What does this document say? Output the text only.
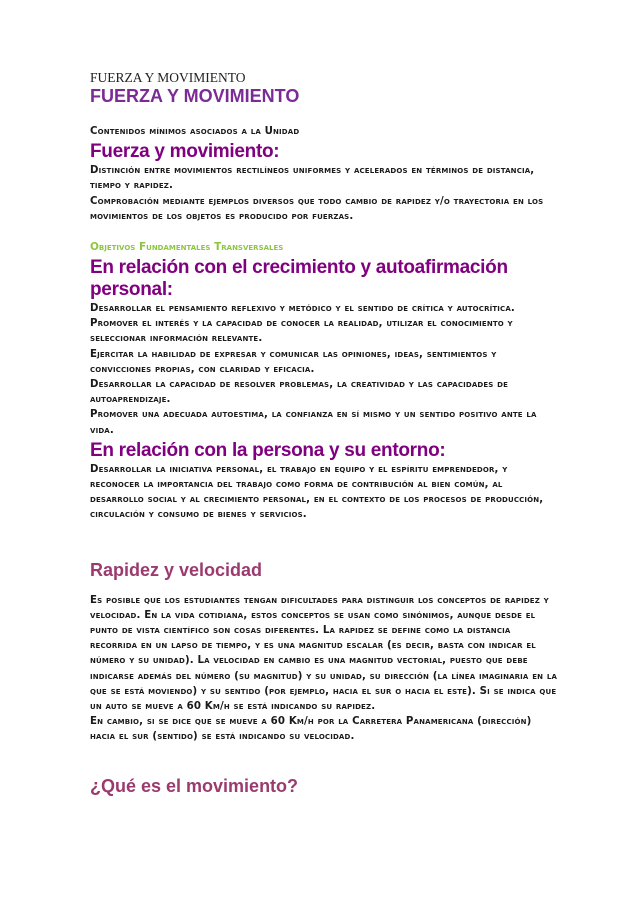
FUERZA Y MOVIMIENTO

FUERZA Y MOVIMIENTO

Contenidos mínimos asociados a la Unidad

Fuerza y movimiento:

Distinción entre movimientos rectilíneos uniformes y acelerados en términos de distancia, tiempo y rapidez.

Comprobación mediante ejemplos diversos que todo cambio de rapidez y/o trayectoria en los movimientos de los objetos es producido por fuerzas.

Objetivos Fundamentales Transversales

En relación con el crecimiento y autoafirmación personal:

Desarrollar el pensamiento reflexivo y metódico y el sentido de crítica y autocrítica.

Promover el interés y la capacidad de conocer la realidad, utilizar el conocimiento y seleccionar información relevante.

Ejercitar la habilidad de expresar y comunicar las opiniones, ideas, sentimientos y convicciones propias, con claridad y eficacia.

Desarrollar la capacidad de resolver problemas, la creatividad y las capacidades de autoaprendizaje.

Promover una adecuada autoestima, la confianza en sí mismo y un sentido positivo ante la vida.

En relación con la persona y su entorno:

Desarrollar la iniciativa personal, el trabajo en equipo y el espíritu emprendedor, y reconocer la importancia del trabajo como forma de contribución al bien común, al desarrollo social y al crecimiento personal, en el contexto de los procesos de producción, circulación y consumo de bienes y servicios.

Rapidez y velocidad

Es posible que los estudiantes tengan dificultades para distinguir los conceptos de rapidez y velocidad. En la vida cotidiana, estos conceptos se usan como sinónimos, aunque desde el punto de vista científico son cosas diferentes. La rapidez se define como la distancia recorrida en un lapso de tiempo, y es una magnitud escalar (es decir, basta con indicar el número y su unidad). La velocidad en cambio es una magnitud vectorial, puesto que debe indicarse además del número (su magnitud) y su unidad, su dirección (la línea imaginaria en la que se está moviendo) y su sentido (por ejemplo, hacia el sur o hacia el este). Si se indica que un auto se mueve a 60 Km/h se está indicando su rapidez.

En cambio, si se dice que se mueve a 60 Km/h por la Carretera Panamericana (dirección) hacia el sur (sentido) se está indicando su velocidad.

¿Qué es el movimiento?
